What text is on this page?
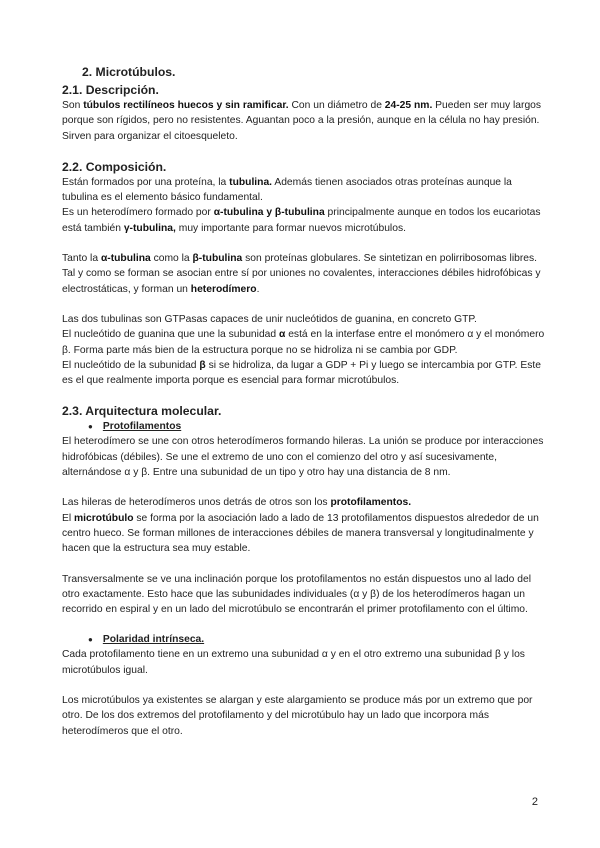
2. Microtúbulos.
2.1. Descripción.

Son túbulos rectilíneos huecos y sin ramificar. Con un diámetro de 24-25 nm. Pueden ser muy largos porque son rígidos, pero no resistentes. Aguantan poco a la presión, aunque en la célula no hay presión. Sirven para organizar el citoesqueleto.

2.2. Composición.

Están formados por una proteína, la tubulina. Además tienen asociados otras proteínas aunque la tubulina es el elemento básico fundamental.

Es un heterodímero formado por α-tubulina y β-tubulina principalmente aunque en todos los eucariotas está también γ-tubulina, muy importante para formar nuevos microtúbulos.

Tanto la α-tubulina como la β-tubulina son proteínas globulares. Se sintetizan en polirribosomas libres. Tal y como se forman se asocian entre sí por uniones no covalentes, interacciones débiles hidrofóbicas y electrostáticas, y forman un heterodímero.

Las dos tubulinas son GTPasas capaces de unir nucleótidos de guanina, en concreto GTP.

El nucleótido de guanina que une la subunidad α está en la interfase entre el monómero α y el monómero β. Forma parte más bien de la estructura porque no se hidroliza ni se cambia por GDP.

El nucleótido de la subunidad β si se hidroliza, da lugar a GDP + Pi y luego se intercambia por GTP. Este es el que realmente importa porque es esencial para formar microtúbulos.

2.3. Arquitectura molecular.
● Protofilamentos

El heterodímero se une con otros heterodímeros formando hileras. La unión se produce por interacciones hidrofóbicas (débiles). Se une el extremo de uno con el comienzo del otro y así sucesivamente, alternándose α y β. Entre una subunidad de un tipo y otro hay una distancia de 8 nm.

Las hileras de heterodímeros unos detrás de otros son los protofilamentos.

El microtúbulo se forma por la asociación lado a lado de 13 protofilamentos dispuestos alrededor de un centro hueco. Se forman millones de interacciones débiles de manera transversal y longitudinalmente y hacen que la estructura sea muy estable.

Transversalmente se ve una inclinación porque los protofilamentos no están dispuestos uno al lado del otro exactamente. Esto hace que las subunidades individuales (α y β) de los heterodímeros hagan un recorrido en espiral y en un lado del microtúbulo se encontrarán el primer protofilamento con el último.

● Polaridad intrínseca.

Cada protofilamento tiene en un extremo una subunidad α y en el otro extremo una subunidad β y los microtúbulos igual.

Los microtúbulos ya existentes se alargan y este alargamiento se produce más por un extremo que por otro. De los dos extremos del protofilamento y del microtúbulo hay un lado que incorpora más heterodímeros que el otro.

2
